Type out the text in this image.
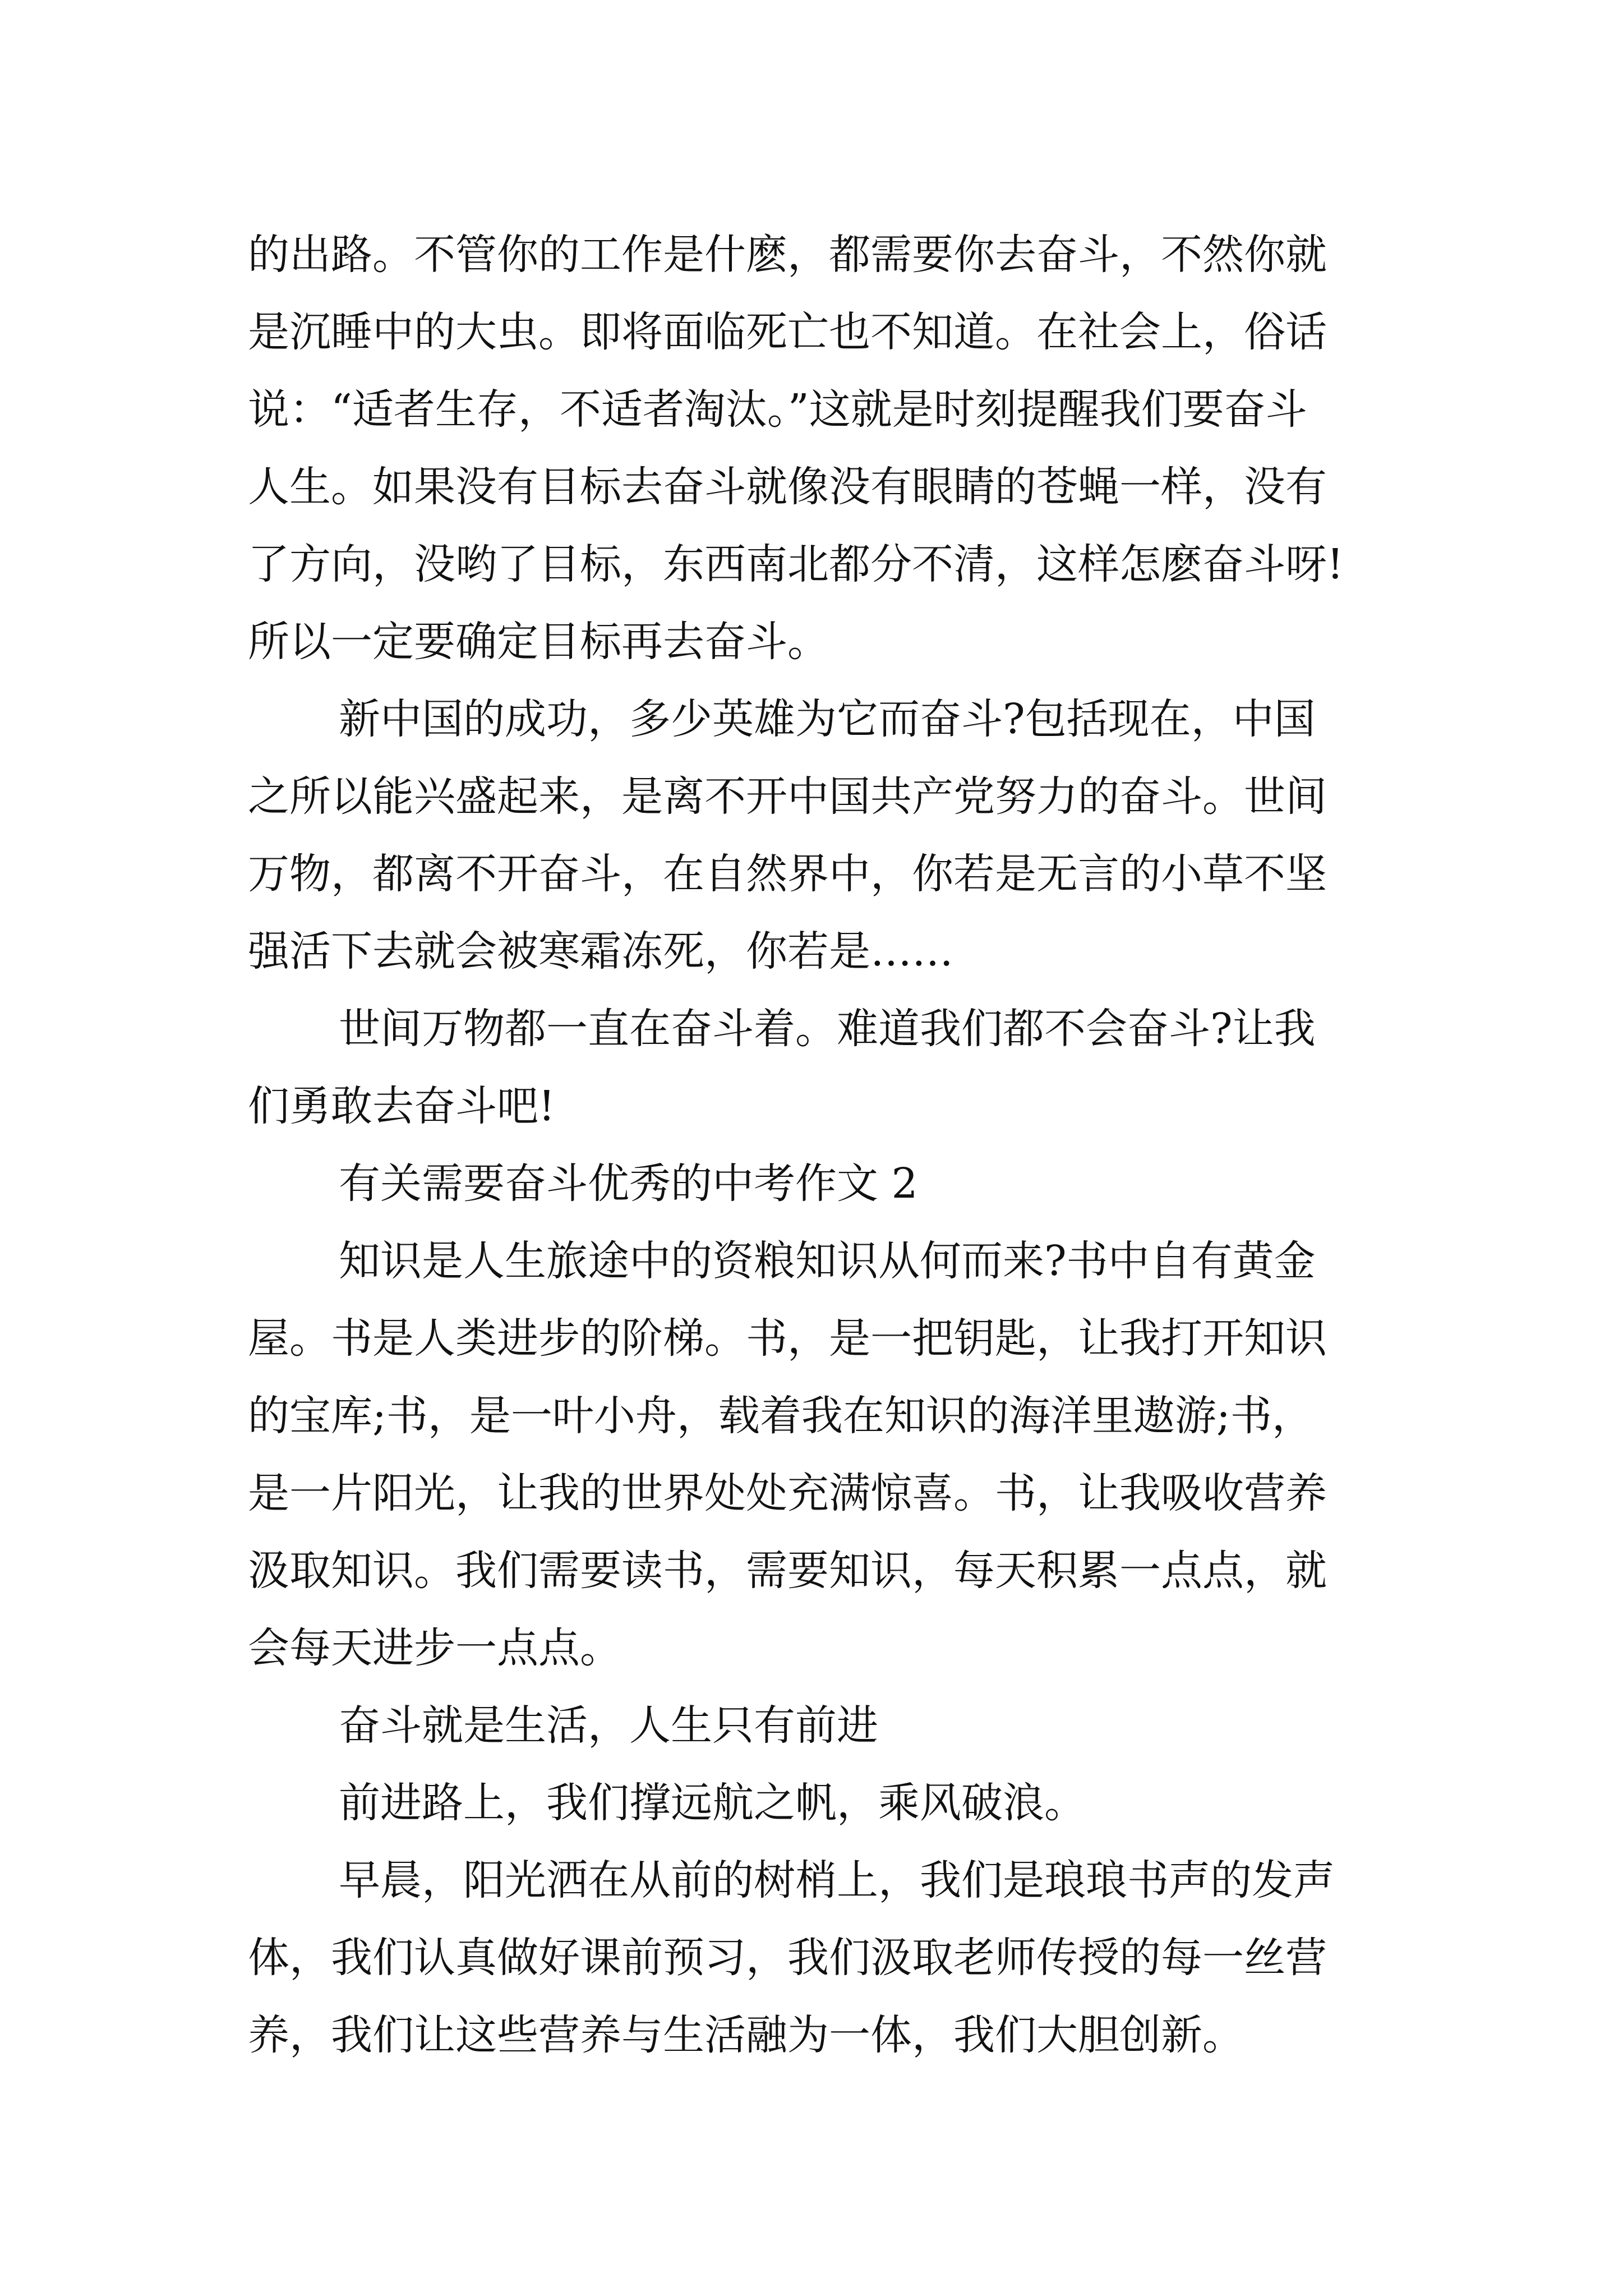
的出路。不管你的工作是什麽，都需要你去奋斗，不然你就
是沉睡中的大虫。即将面临死亡也不知道。在社会上，俗话
说：“适者生存，不适者淘汰。”这就是时刻提醒我们要奋斗
人生。如果没有目标去奋斗就像没有眼睛的苍蝇一样，没有
了方向，没哟了目标，东西南北都分不清，这样怎麽奋斗呀!
所以一定要确定目标再去奋斗。

新中国的成功，多少英雄为它而奋斗?包括现在，中国
之所以能兴盛起来，是离不开中国共产党努力的奋斗。世间
万物，都离不开奋斗，在自然界中，你若是无言的小草不坚
强活下去就会被寒霜冻死，你若是……

世间万物都一直在奋斗着。难道我们都不会奋斗?让我
们勇敢去奋斗吧!

有关需要奋斗优秀的中考作文 2

知识是人生旅途中的资粮知识从何而来?书中自有黄金
屋。书是人类进步的阶梯。书，是一把钥匙，让我打开知识
的宝库;书，是一叶小舟，载着我在知识的海洋里遨游;书，
是一片阳光，让我的世界处处充满惊喜。书，让我吸收营养
汲取知识。我们需要读书，需要知识，每天积累一点点，就
会每天进步一点点。

奋斗就是生活，人生只有前进

前进路上，我们撑远航之帆，乘风破浪。

早晨，阳光洒在从前的树梢上，我们是琅琅书声的发声
体，我们认真做好课前预习，我们汲取老师传授的每一丝营
养，我们让这些营养与生活融为一体，我们大胆创新。
